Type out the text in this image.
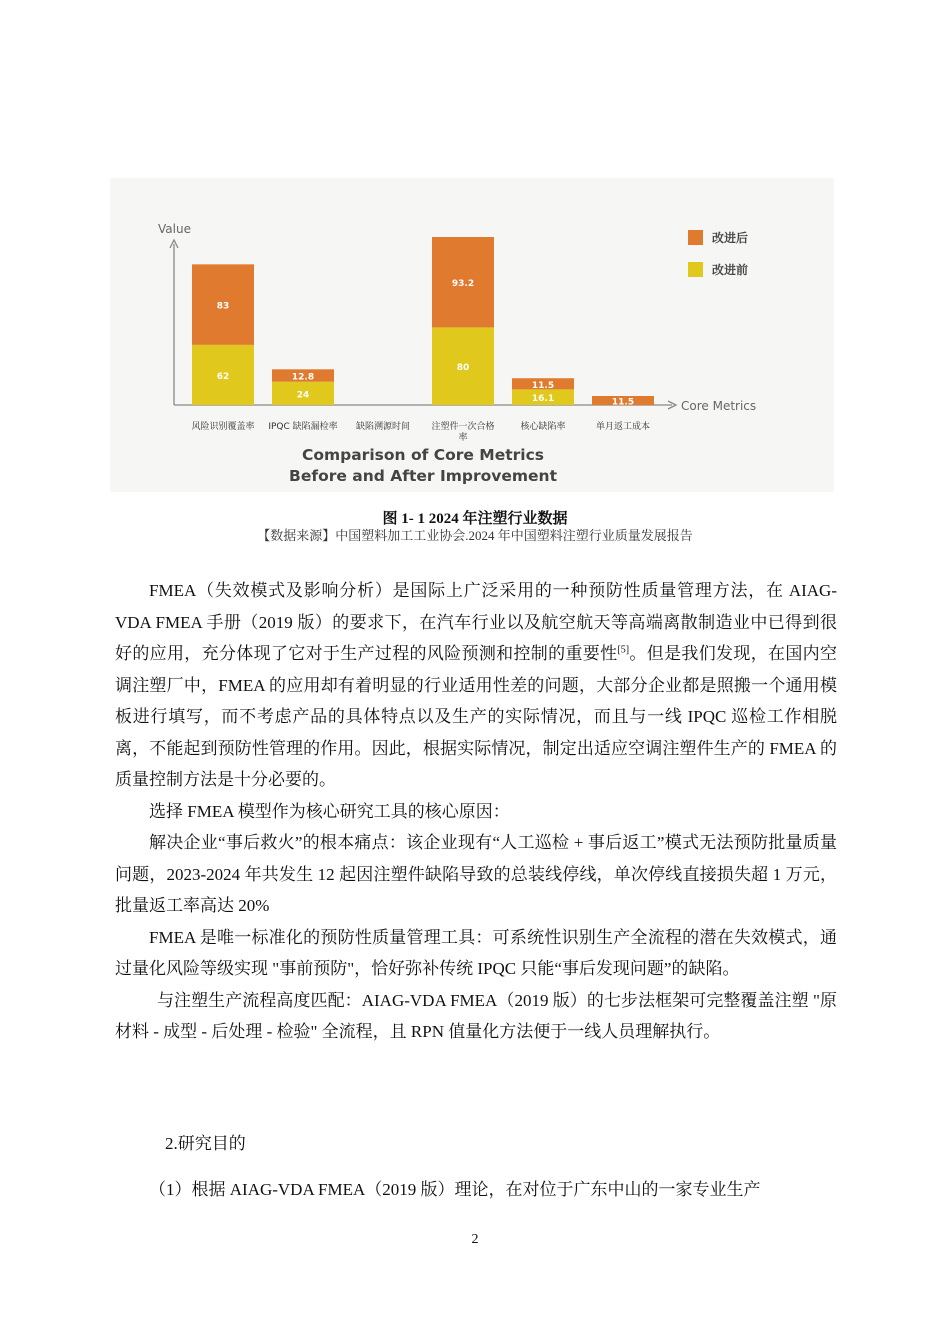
Value
Core Metrics
62
83
风险识别覆盖率
24
12.8
IPQC 缺陷漏检率 缺陷溯源时间
80
93.2
注塑件一次合格
率
16.1
11.5
核心缺陷率
11.5
单月返工成本
改进后
改进前
Comparison of Core Metrics
Before and After Improvement
图 1- 1 2024 年注塑行业数据
【数据来源】中国塑料加工工业协会.2024 年中国塑料注塑行业质量发展报告

FMEA（失效模式及影响分析）是国际上广泛采用的一种预防性质量管理方法，在 AIAG-VDA FMEA 手册（2019 版）的要求下，在汽车行业以及航空航天等高端离散制造业中已得到很好的应用，充分体现了它对于生产过程的风险预测和控制的重要性[5]。但是我们发现，在国内空调注塑厂中，FMEA 的应用却有着明显的行业适用性差的问题，大部分企业都是照搬一个通用模板进行填写，而不考虑产品的具体特点以及生产的实际情况，而且与一线 IPQC 巡检工作相脱离，不能起到预防性管理的作用。因此，根据实际情况，制定出适应空调注塑件生产的 FMEA 的质量控制方法是十分必要的。

选择 FMEA 模型作为核心研究工具的核心原因：

解决企业“事后救火”的根本痛点：该企业现有“人工巡检 + 事后返工”模式无法预防批量质量问题，2023-2024 年共发生 12 起因注塑件缺陷导致的总装线停线，单次停线直接损失超 1 万元，批量返工率高达 20%

FMEA 是唯一标准化的预防性质量管理工具：可系统性识别生产全流程的潜在失效模式，通过量化风险等级实现 "事前预防"，恰好弥补传统 IPQC 只能“事后发现问题”的缺陷。

与注塑生产流程高度匹配：AIAG-VDA FMEA（2019 版）的七步法框架可完整覆盖注塑 "原材料 - 成型 - 后处理 - 检验" 全流程，且 RPN 值量化方法便于一线人员理解执行。

2.研究目的

（1）根据 AIAG-VDA FMEA（2019 版）理论，在对位于广东中山的一家专业生产

2
